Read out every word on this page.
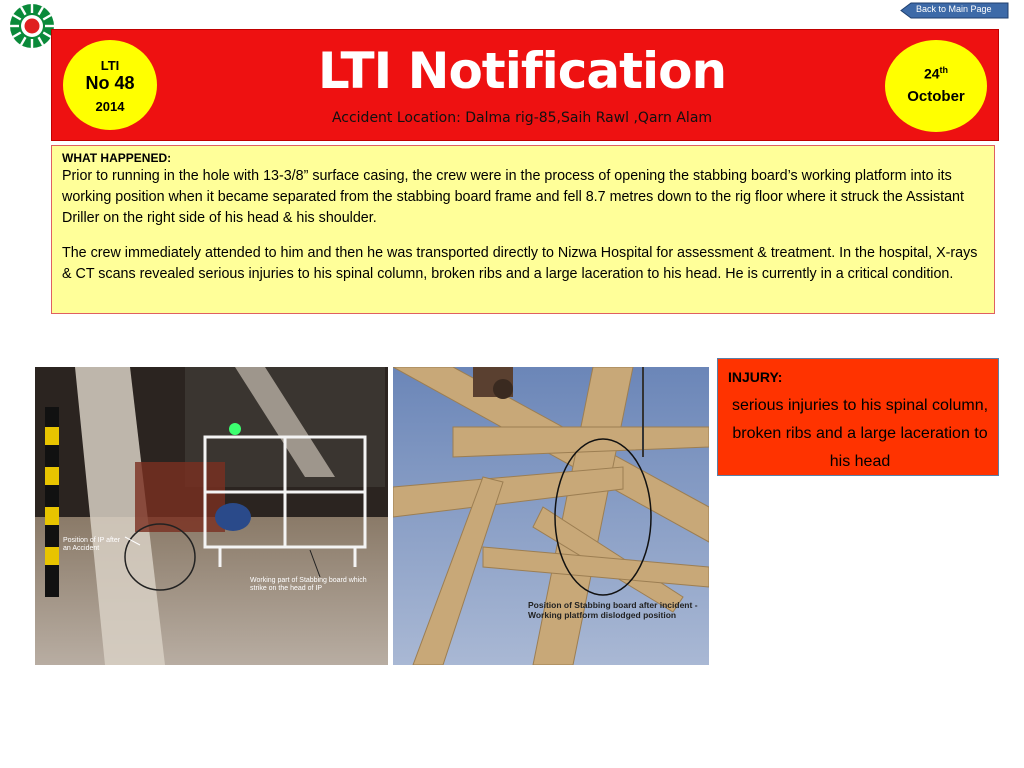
Back to Main Page
LTI
No 48
2014
LTI Notification
Accident Location: Dalma rig-85,Saih Rawl ,Qarn Alam
24th
October
WHAT HAPPENED:

Prior to running in the hole with 13-3/8” surface casing, the crew were in the process of opening the stabbing board’s working platform into its working position when it became separated from the stabbing board frame and fell 8.7 metres down to the rig floor where it struck the Assistant Driller on the right side of his head & his shoulder.

The crew immediately attended to him and then he was transported directly to Nizwa Hospital for assessment & treatment. In the hospital, X-rays & CT scans revealed serious injuries to his spinal column, broken ribs and a large laceration to his head. He is currently in a critical condition.

Position of IP after an Accident
Working part of Stabbing board which strike on the head of IP
Position of Stabbing board after incident - Working platform dislodged position
INJURY:
serious injuries to his spinal column, broken ribs and a large laceration to his head
